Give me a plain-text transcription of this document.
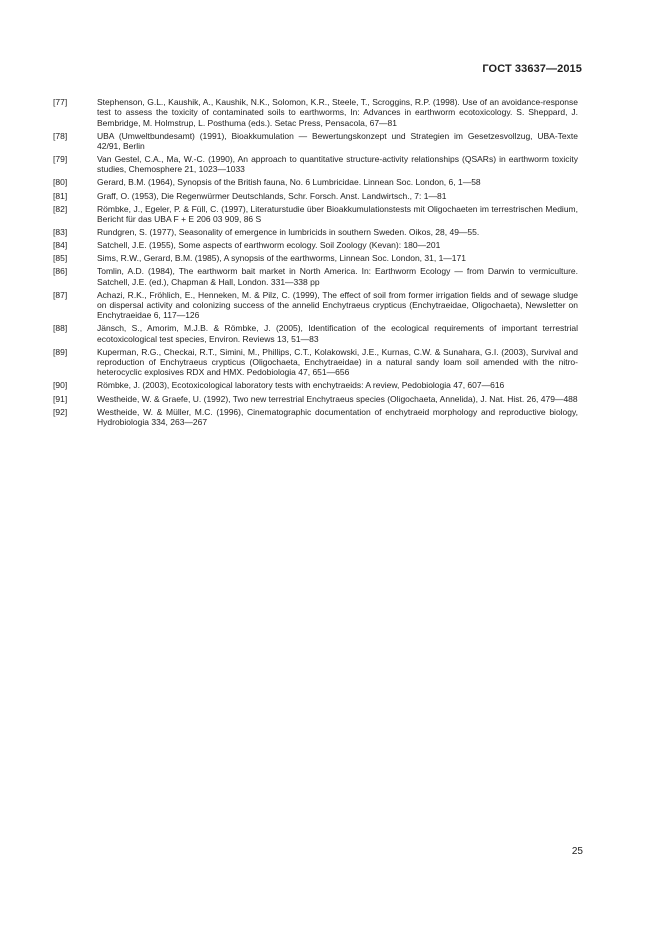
ГОСТ 33637—2015
[77]	Stephenson, G.L., Kaushik, A., Kaushik, N.K., Solomon, K.R., Steele, T., Scroggins, R.P. (1998). Use of an avoidance-response test to assess the toxicity of contaminated soils to earthworms, In: Advances in earthworm ecotoxicology. S. Sheppard, J. Bembridge, M. Holmstrup, L. Posthuma (eds.). Setac Press, Pensacola, 67—81
[78]	UBA (Umweltbundesamt) (1991), Bioakkumulation — Bewertungskonzept und Strategien im Gesetzesvollzug, UBA-Texte 42/91, Berlin
[79]	Van Gestel, C.A., Ma, W.-C. (1990), An approach to quantitative structure-activity relationships (QSARs) in earthworm toxicity studies, Chemosphere 21, 1023—1033
[80]	Gerard, B.M. (1964), Synopsis of the British fauna, No. 6 Lumbricidae. Linnean Soc. London, 6, 1—58
[81]	Graff, O. (1953), Die Regenwürmer Deutschlands, Schr. Forsch. Anst. Landwirtsch., 7: 1—81
[82]	Römbke, J., Egeler, P. & Füll, C. (1997), Literaturstudie über Bioakkumulationstests mit Oligochaeten im terrestrischen Medium, Bericht für das UBA F + E 206 03 909, 86 S
[83]	Rundgren, S. (1977), Seasonality of emergence in lumbricids in southern Sweden. Oikos, 28, 49—55.
[84]	Satchell, J.E. (1955), Some aspects of earthworm ecology. Soil Zoology (Kevan): 180—201
[85]	Sims, R.W., Gerard, B.M. (1985), A synopsis of the earthworms, Linnean Soc. London, 31, 1—171
[86]	Tomlin, A.D. (1984), The earthworm bait market in North America. In: Earthworm Ecology — from Darwin to vermiculture. Satchell, J.E. (ed.), Chapman & Hall, London. 331—338 pp
[87]	Achazi, R.K., Fröhlich, E., Henneken, M. & Pilz, C. (1999), The effect of soil from former irrigation fields and of sewage sludge on dispersal activity and colonizing success of the annelid Enchytraeus crypticus (Enchytraeidae, Oligochaeta), Newsletter on Enchytraeidae 6, 117—126
[88]	Jänsch, S., Amorim, M.J.B. & Römbke, J. (2005), Identification of the ecological requirements of important terrestrial ecotoxicological test species, Environ. Reviews 13, 51—83
[89]	Kuperman, R.G., Checkai, R.T., Simini, M., Phillips, C.T., Kolakowski, J.E., Kurnas, C.W. & Sunahara, G.I. (2003), Survival and reproduction of Enchytraeus crypticus (Oligochaeta, Enchytraeidae) in a natural sandy loam soil amended with the nitro-heterocyclic explosives RDX and HMX. Pedobiologia 47, 651—656
[90]	Römbke, J. (2003), Ecotoxicological laboratory tests with enchytraeids: A review, Pedobiologia 47, 607—616
[91]	Westheide, W. & Graefe, U. (1992), Two new terrestrial Enchytraeus species (Oligochaeta, Annelida), J. Nat. Hist. 26, 479—488
[92]	Westheide, W. & Müller, M.C. (1996), Cinematographic documentation of enchytraeid morphology and reproductive biology, Hydrobiologia 334, 263—267
25
